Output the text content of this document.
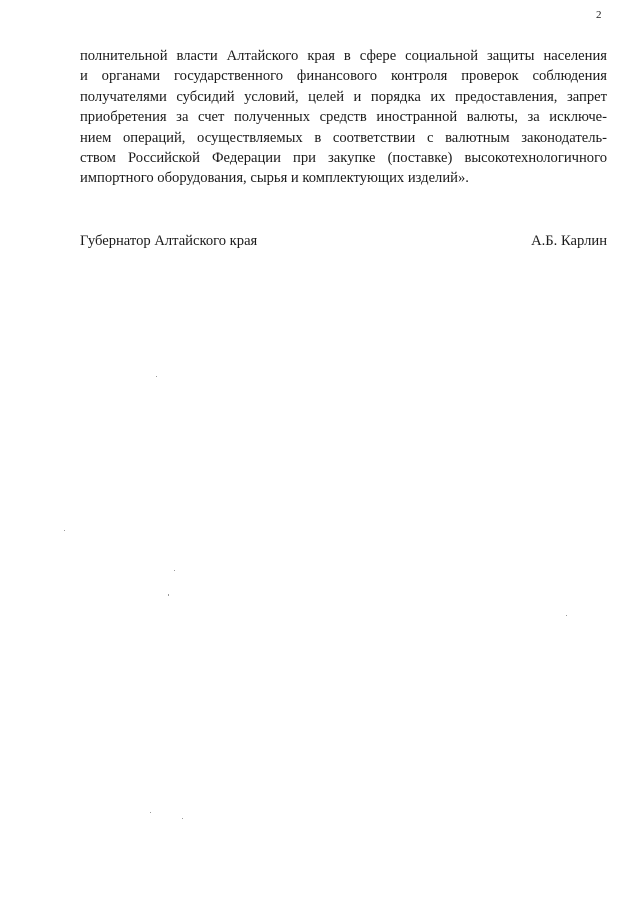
2
полнительной власти Алтайского края в сфере социальной защиты населения
и органами государственного финансового контроля проверок соблюдения
получателями субсидий условий, целей и порядка их предоставления, запрет
приобретения за счет полученных средств иностранной валюты, за исключе-
нием операций, осуществляемых в соответствии с валютным законодатель-
ством Российской Федерации при закупке (поставке) высокотехнологичного
импортного оборудования, сырья и комплектующих изделий».
Губернатор Алтайского края	А.Б. Карлин
